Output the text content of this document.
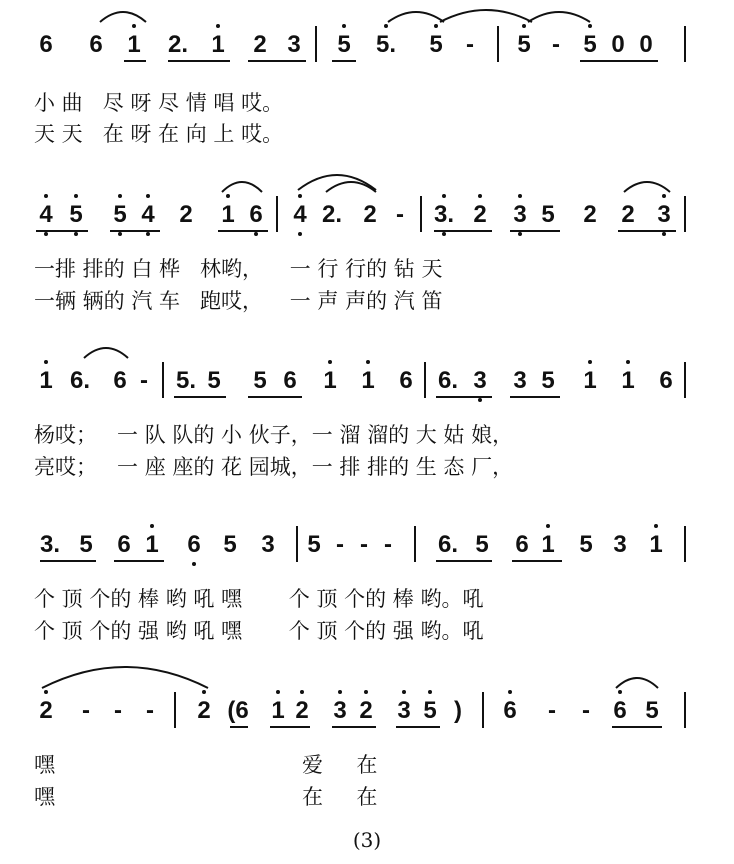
6 6 1 2. 1 2 3 5 5. 5 - 5 - 5 0 0
小 曲   尽 呀 尽 情 唱 哎。
天 天   在 呀 在 向 上 哎。
4 5 5 4 2 1 6 4 2. 2 - 3. 2 3 5 2 2 3
一排 排的 白 桦   林哟，    一 行 行的 钻 天
一辆 辆的 汽 车   跑哎，    一 声 声的 汽 笛
1 6. 6 - 5. 5 5 6 1 1 6 6. 3 3 5 1 1 6
杨哎；   一 队 队的 小 伙子，一 溜 溜的 大 姑 娘，
亮哎；   一 座 座的 花 园城，一 排 排的 生 态 厂，
3. 5 6 1 6 5 3 5 - - - 6. 5 6 1 5 3 1
个 顶 个的 棒 哟 吼 嘿       个 顶 个的 棒 哟。吼
个 顶 个的 强 哟 吼 嘿       个 顶 个的 强 哟。吼
2 - - - 2 (6 1 2 3 2 3 5 ) 6 - - 6 5
嘿                                     爱     在
嘿                                     在     在
(3)
